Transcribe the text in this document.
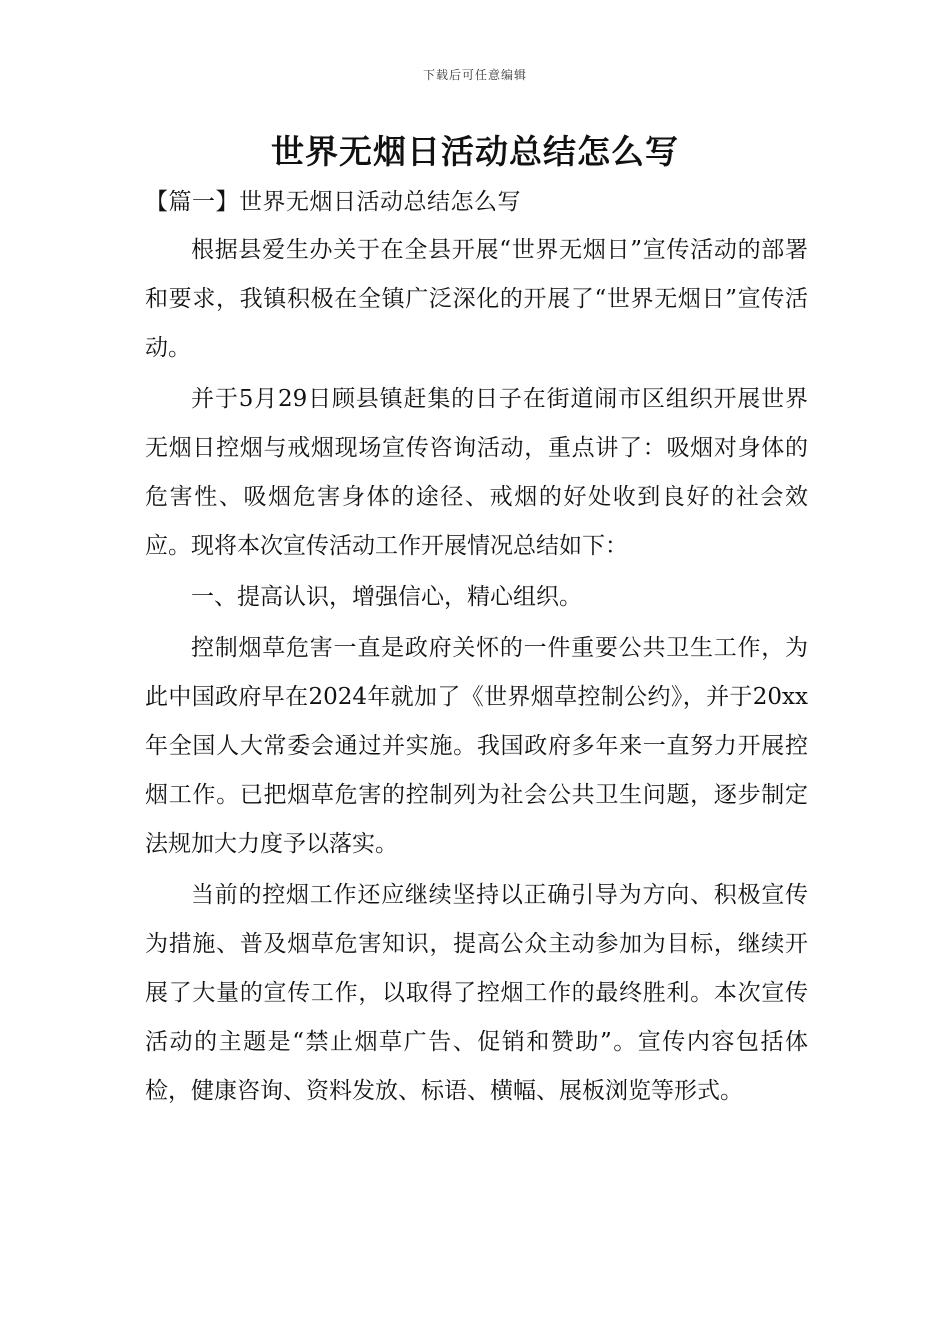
下载后可任意编辑
世界无烟日活动总结怎么写
【篇一】世界无烟日活动总结怎么写

根据县爱生办关于在全县开展“世界无烟日”宣传活动的部署和要求，我镇积极在全镇广泛深化的开展了“世界无烟日”宣传活动。

并于5月29日顾县镇赶集的日子在街道闹市区组织开展世界无烟日控烟与戒烟现场宣传咨询活动，重点讲了：吸烟对身体的危害性、吸烟危害身体的途径、戒烟的好处收到良好的社会效应。现将本次宣传活动工作开展情况总结如下：

一、提高认识，增强信心，精心组织。

控制烟草危害一直是政府关怀的一件重要公共卫生工作，为此中国政府早在2024年就加了《世界烟草控制公约》，并于20xx年全国人大常委会通过并实施。我国政府多年来一直努力开展控烟工作。已把烟草危害的控制列为社会公共卫生问题，逐步制定法规加大力度予以落实。

当前的控烟工作还应继续坚持以正确引导为方向、积极宣传为措施、普及烟草危害知识，提高公众主动参加为目标，继续开展了大量的宣传工作，以取得了控烟工作的最终胜利。本次宣传活动的主题是“禁止烟草广告、促销和赞助”。宣传内容包括体检，健康咨询、资料发放、标语、横幅、展板浏览等形式。
